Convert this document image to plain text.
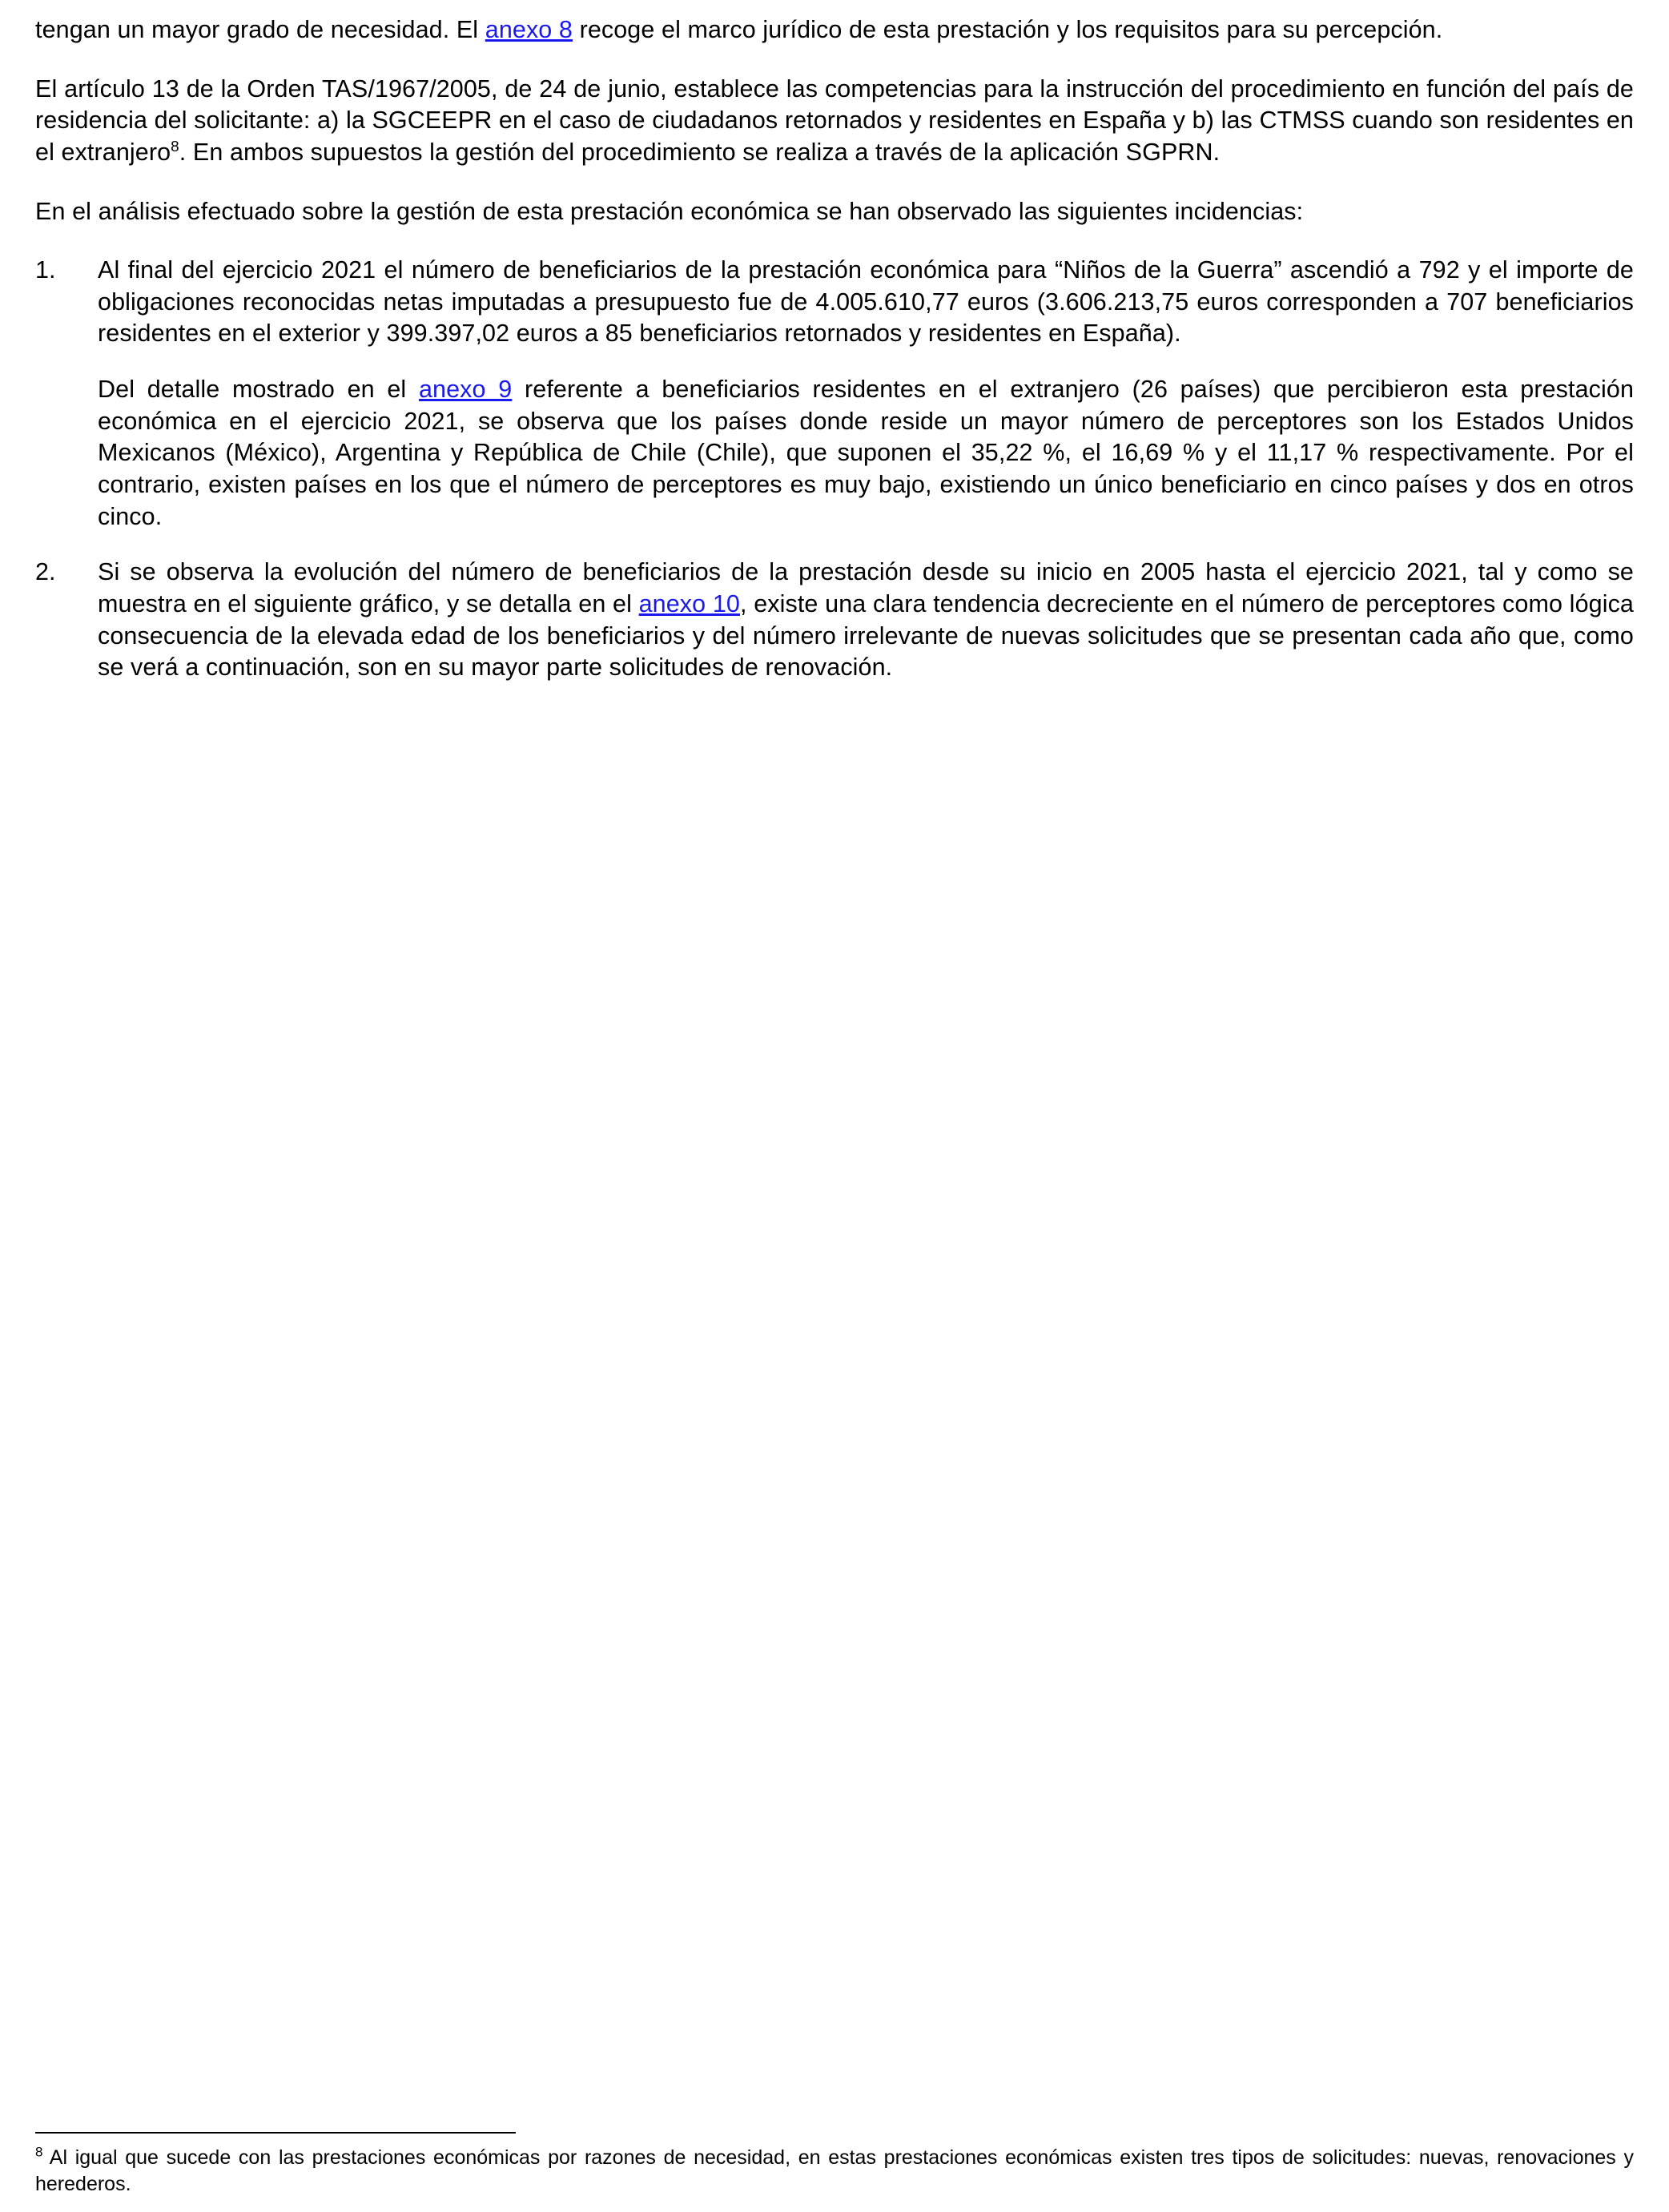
tengan un mayor grado de necesidad. El anexo 8 recoge el marco jurídico de esta prestación y los requisitos para su percepción.

El artículo 13 de la Orden TAS/1967/2005, de 24 de junio, establece las competencias para la instrucción del procedimiento en función del país de residencia del solicitante: a) la SGCEEPR en el caso de ciudadanos retornados y residentes en España y b) las CTMSS cuando son residentes en el extranjero$^8$. En ambos supuestos la gestión del procedimiento se realiza a través de la aplicación SGPRN.

En el análisis efectuado sobre la gestión de esta prestación económica se han observado las siguientes incidencias:

1. Al final del ejercicio 2021 el número de beneficiarios de la prestación económica para “Niños de la Guerra” ascendió a 792 y el importe de obligaciones reconocidas netas imputadas a presupuesto fue de 4.005.610,77 euros (3.606.213,75 euros corresponden a 707 beneficiarios residentes en el exterior y 399.397,02 euros a 85 beneficiarios retornados y residentes en España).

Del detalle mostrado en el anexo 9 referente a beneficiarios residentes en el extranjero (26 países) que percibieron esta prestación económica en el ejercicio 2021, se observa que los países donde reside un mayor número de perceptores son los Estados Unidos Mexicanos (México), Argentina y República de Chile (Chile), que suponen el 35,22 %, el 16,69 % y el 11,17 % respectivamente. Por el contrario, existen países en los que el número de perceptores es muy bajo, existiendo un único beneficiario en cinco países y dos en otros cinco.

2. Si se observa la evolución del número de beneficiarios de la prestación desde su inicio en 2005 hasta el ejercicio 2021, tal y como se muestra en el siguiente gráfico, y se detalla en el anexo 10, existe una clara tendencia decreciente en el número de perceptores como lógica consecuencia de la elevada edad de los beneficiarios y del número irrelevante de nuevas solicitudes que se presentan cada año que, como se verá a continuación, son en su mayor parte solicitudes de renovación.

$^8$ Al igual que sucede con las prestaciones económicas por razones de necesidad, en estas prestaciones económicas existen tres tipos de solicitudes: nuevas, renovaciones y herederos.
